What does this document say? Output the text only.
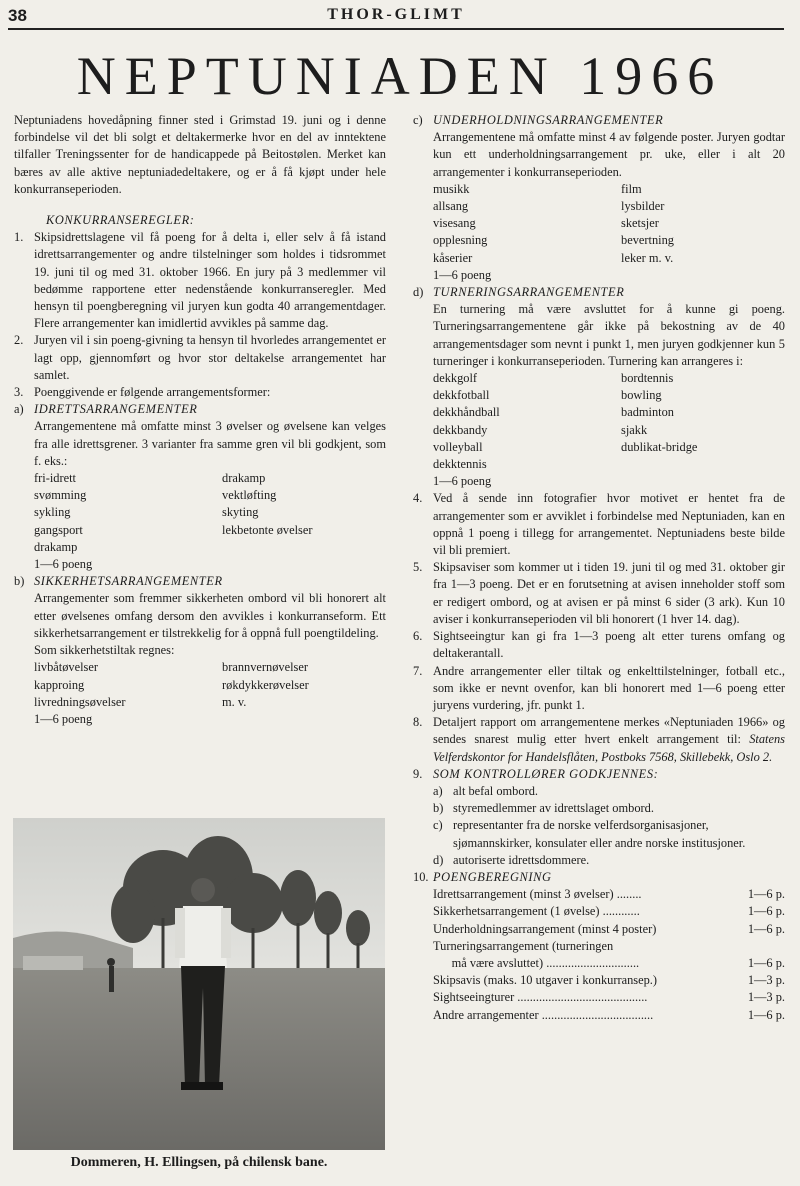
38	THOR-GLIMT
NEPTUNIADEN 1966

Neptuniadens hovedåpning finner sted i Grimstad 19. juni og i denne forbindelse vil det bli solgt et deltakermerke hvor en del av inntektene tilfaller Treningssenter for de handicappede på Beitostølen. Merket kan bæres av alle aktive neptuniadedeltakere, og er å få kjøpt under hele konkurranseperioden.

KONKURRANSEREGLER:
1. Skipsidrettslagene vil få poeng for å delta i, eller selv å få istand idrettsarrangementer og andre tilstelninger som holdes i tidsrommet 19. juni til og med 31. oktober 1966. En jury på 3 medlemmer vil bedømme rapportene etter nedenstående konkurranseregler. Med hensyn til poengberegning vil juryen kun godta 40 arrangementdager. Flere arrangementer kan imidlertid avvikles på samme dag.
2. Juryen vil i sin poeng-givning ta hensyn til hvorledes arrangementet er lagt opp, gjennomført og hvor stor deltakelse arrangementet har samlet.
3. Poenggivende er følgende arrangementsformer:
a) IDRETTSARRANGEMENTER
Arrangementene må omfatte minst 3 øvelser og øvelsene kan velges fra alle idrettsgrener. 3 varianter fra samme gren vil bli godkjent, som f. eks.:
fri-idrett	drakamp
svømming	vektløfting
sykling	skyting
gangsport	lekbetonte øvelser
drakamp
1—6 poeng
b) SIKKERHETSARRANGEMENTER
Arrangementer som fremmer sikkerheten ombord vil bli honorert alt etter øvelsenes omfang dersom den avvikles i konkurranseform. Ett sikkerhetsarrangement er tilstrekkelig for å oppnå full poengtildeling.
Som sikkerhetstiltak regnes:
livbåtøvelser	brannvernøvelser
kapproing	røkdykkerøvelser
livredningsøvelser	m. v.
1—6 poeng
Dommeren, H. Ellingsen, på chilensk bane.
c) UNDERHOLDNINGSARRANGEMENTER
Arrangementene må omfatte minst 4 av følgende poster. Juryen godtar kun ett underholdningsarrangement pr. uke, eller i alt 20 arrangementer i konkurranseperioden.
musikk	film
allsang	lysbilder
visesang	sketsjer
opplesning	bevertning
kåserier	leker m. v.
1—6 poeng
d) TURNERINGSARRANGEMENTER
En turnering må være avsluttet for å kunne gi poeng. Turneringsarrangementene går ikke på bekostning av de 40 arrangementsdager som nevnt i punkt 1, men juryen godkjenner kun 5 turneringer i konkurranseperioden. Turnering kan arrangeres i:
dekkgolf	bordtennis
dekkfotball	bowling
dekkhåndball	badminton
dekkbandy	sjakk
volleyball	dublikat-bridge
dekktennis
1—6 poeng
4. Ved å sende inn fotografier hvor motivet er hentet fra de arrangementer som er avviklet i forbindelse med Neptuniaden, kan en oppnå 1 poeng i tillegg for arrangementet. Neptuniadens beste bilde vil bli premiert.
5. Skipsaviser som kommer ut i tiden 19. juni til og med 31. oktober gir fra 1—3 poeng. Det er en forutsetning at avisen inneholder stoff som er redigert ombord, og at avisen er på minst 6 sider (3 ark). Kun 10 aviser i konkurranseperioden vil bli honorert (1 hver 14. dag).
6. Sightseeingtur kan gi fra 1—3 poeng alt etter turens omfang og deltakerantall.
7. Andre arrangementer eller tiltak og enkelttilstelninger, fotball etc., som ikke er nevnt ovenfor, kan bli honorert med 1—6 poeng etter juryens vurdering, jfr. punkt 1.
8. Detaljert rapport om arrangementene merkes «Neptuniaden 1966» og sendes snarest mulig etter hvert enkelt arrangement til: Statens Velferdskontor for Handelsflåten, Postboks 7568, Skillebekk, Oslo 2.
9. SOM KONTROLLØRER GODKJENNES:
a) alt befal ombord.
b) styremedlemmer av idrettslaget ombord.
c) representanter fra de norske velferdsorganisasjoner, sjømannskirker, konsulater eller andre norske institusjoner.
d) autoriserte idrettsdommere.
10. POENGBEREGNING
Idrettsarrangement (minst 3 øvelser) ........	1—6 p.
Sikkerhetsarrangement (1 øvelse) ............	1—6 p.
Underholdningsarrangement (minst 4 poster)	1—6 p.
Turneringsarrangement (turneringen
må være avsluttet) ..............................	1—6 p.
Skipsavis (maks. 10 utgaver i konkurransep.)	1—3 p.
Sightseeingturer ..........................................	1—3 p.
Andre arrangementer ....................................	1—6 p.
